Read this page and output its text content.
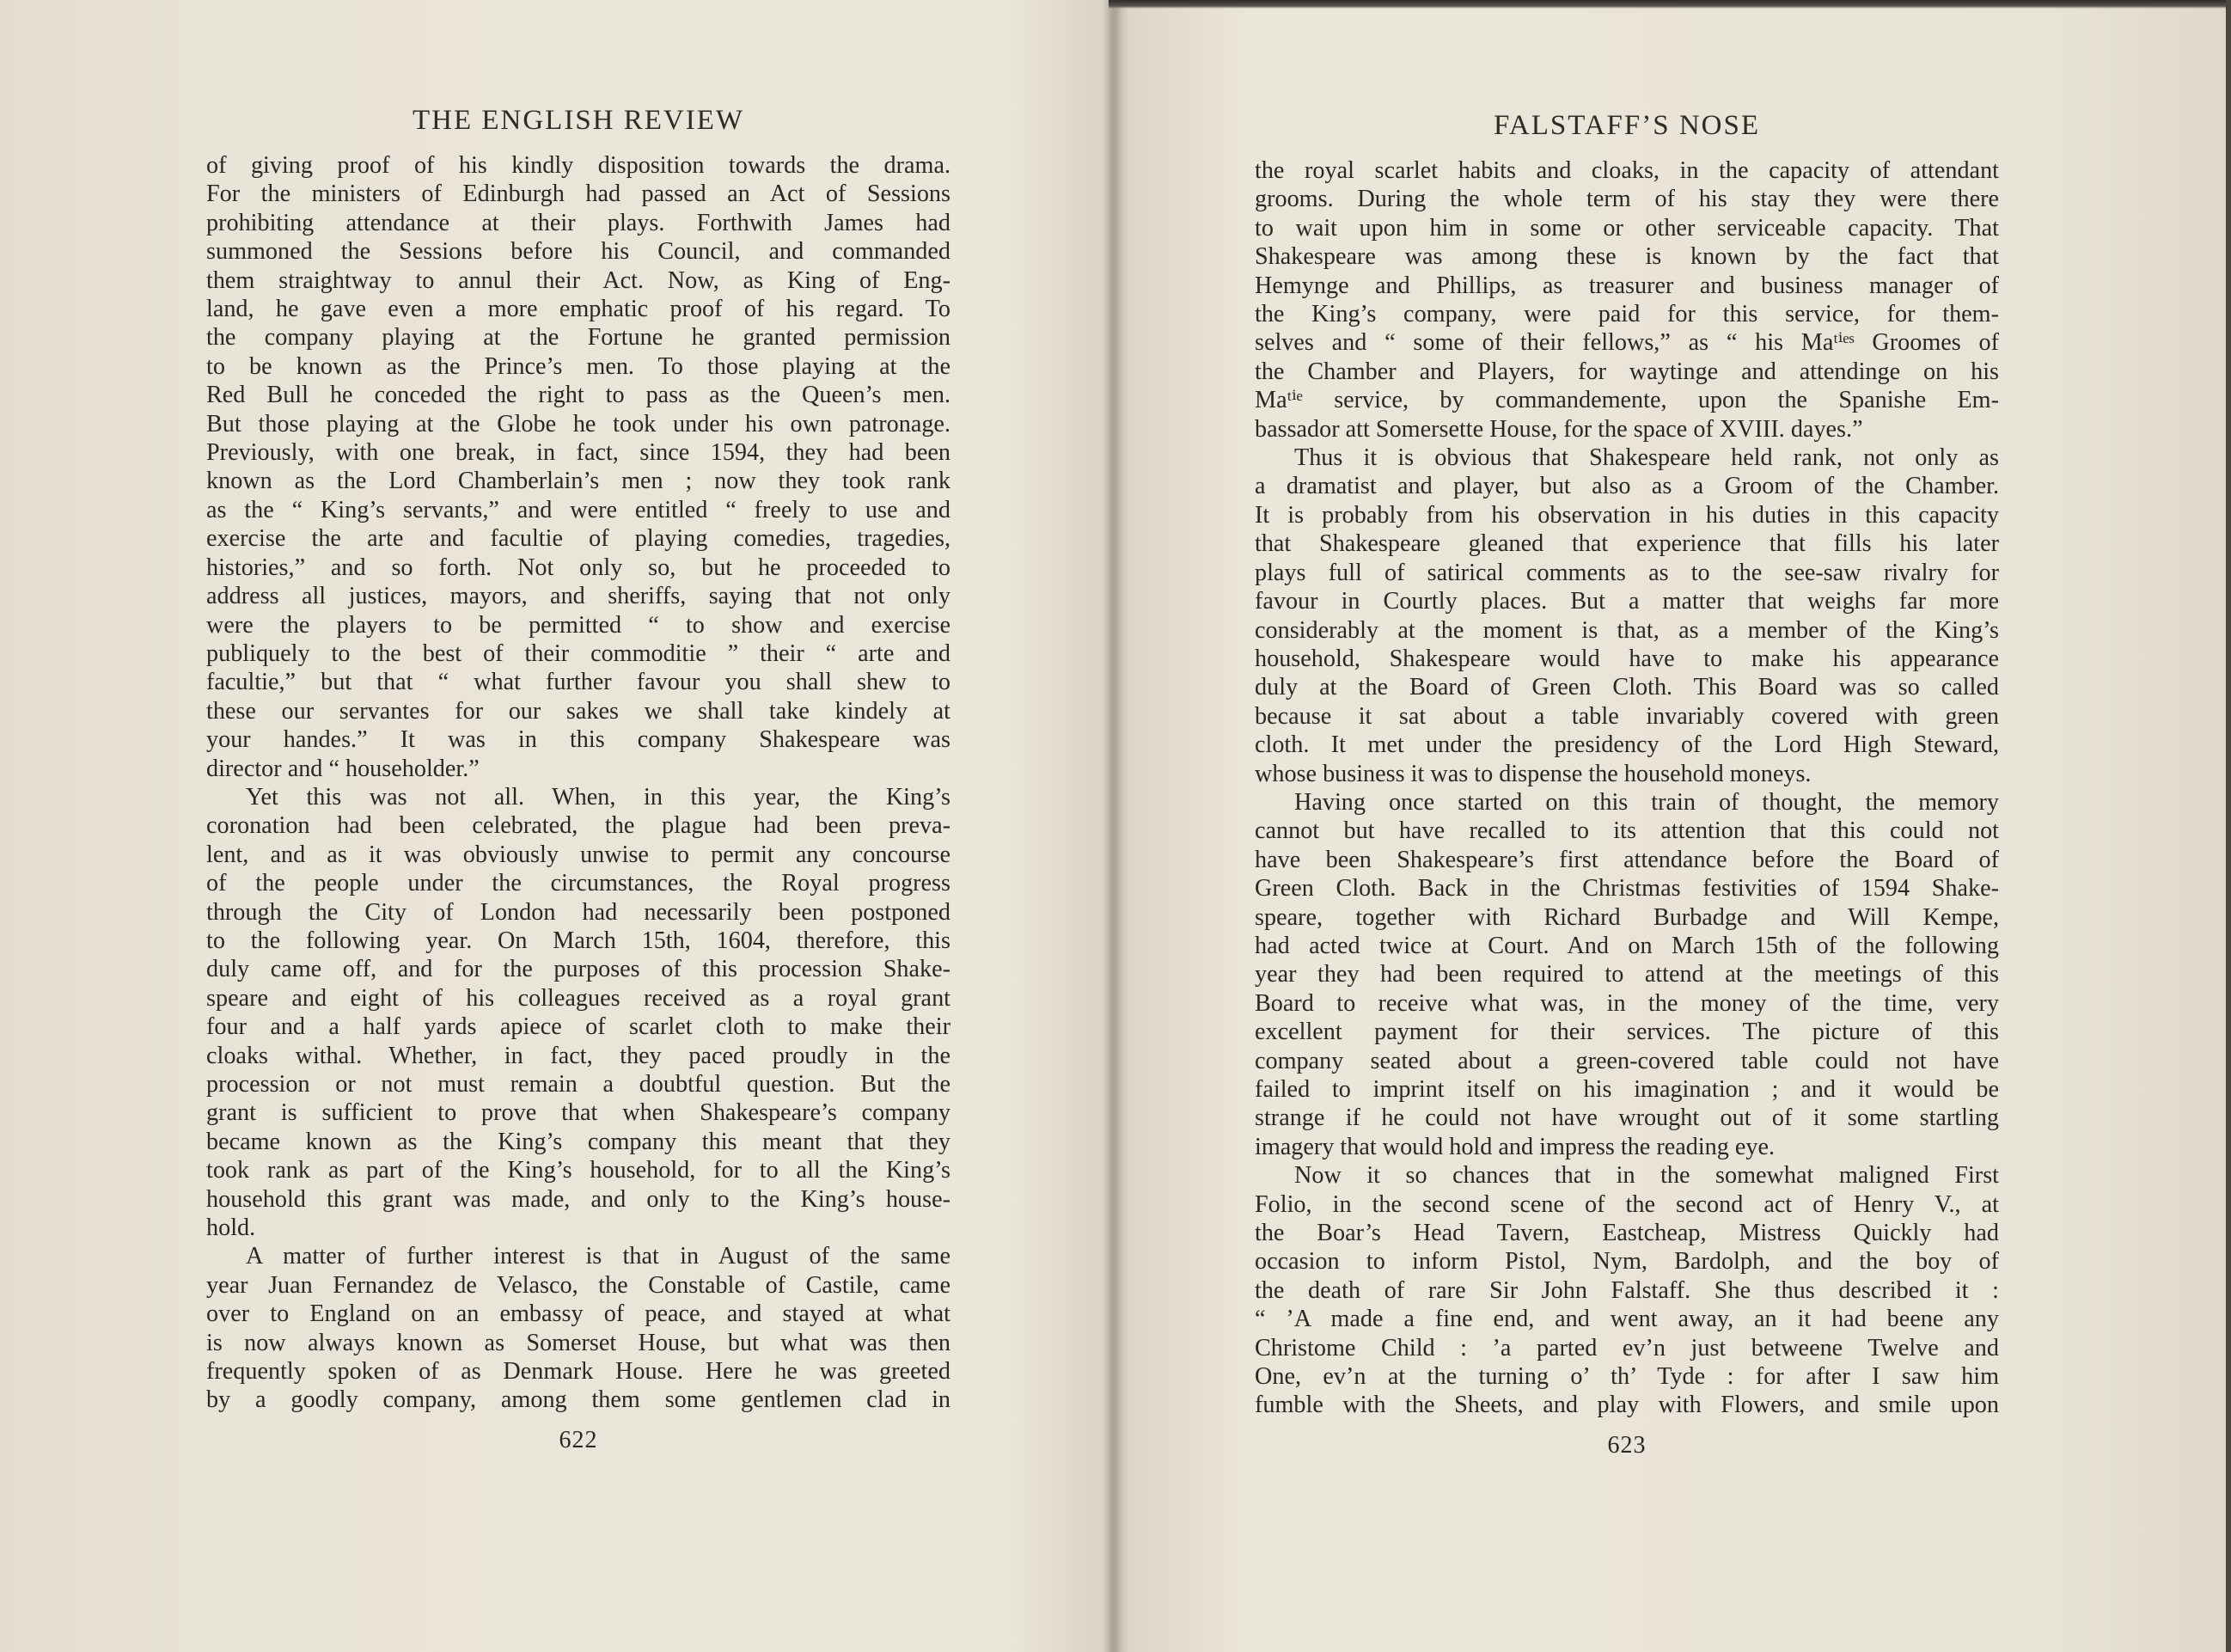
THE ENGLISH REVIEW
of giving proof of his kindly disposition towards the drama.
For the ministers of Edinburgh had passed an Act of Sessions
prohibiting attendance at their plays. Forthwith James had
summoned the Sessions before his Council, and commanded
them straightway to annul their Act. Now, as King of Eng-
land, he gave even a more emphatic proof of his regard. To
the company playing at the Fortune he granted permission
to be known as the Prince’s men. To those playing at the
Red Bull he conceded the right to pass as the Queen’s men.
But those playing at the Globe he took under his own patronage.
Previously, with one break, in fact, since 1594, they had been
known as the Lord Chamberlain’s men ; now they took rank
as the “ King’s servants,” and were entitled “ freely to use and
exercise the arte and facultie of playing comedies, tragedies,
histories,” and so forth. Not only so, but he proceeded to
address all justices, mayors, and sheriffs, saying that not only
were the players to be permitted “ to show and exercise
publiquely to the best of their commoditie ” their “ arte and
facultie,” but that “ what further favour you shall shew to
these our servantes for our sakes we shall take kindely at
your handes.” It was in this company Shakespeare was
director and “ householder.”
Yet this was not all. When, in this year, the King’s
coronation had been celebrated, the plague had been preva-
lent, and as it was obviously unwise to permit any concourse
of the people under the circumstances, the Royal progress
through the City of London had necessarily been postponed
to the following year. On March 15th, 1604, therefore, this
duly came off, and for the purposes of this procession Shake-
speare and eight of his colleagues received as a royal grant
four and a half yards apiece of scarlet cloth to make their
cloaks withal. Whether, in fact, they paced proudly in the
procession or not must remain a doubtful question. But the
grant is sufficient to prove that when Shakespeare’s company
became known as the King’s company this meant that they
took rank as part of the King’s household, for to all the King’s
household this grant was made, and only to the King’s house-
hold.
A matter of further interest is that in August of the same
year Juan Fernandez de Velasco, the Constable of Castile, came
over to England on an embassy of peace, and stayed at what
is now always known as Somerset House, but what was then
frequently spoken of as Denmark House. Here he was greeted
by a goodly company, among them some gentlemen clad in
622
FALSTAFF’S NOSE
the royal scarlet habits and cloaks, in the capacity of attendant
grooms. During the whole term of his stay they were there
to wait upon him in some or other serviceable capacity. That
Shakespeare was among these is known by the fact that
Hemynge and Phillips, as treasurer and business manager of
the King’s company, were paid for this service, for them-
selves and “ some of their fellows,” as “ his Maᵗⁱᵉˢ Groomes of
the Chamber and Players, for waytinge and attendinge on his
Maᵗⁱᵉ service, by commandemente, upon the Spanishe Em-
bassador att Somersette House, for the space of XVIII. dayes.”
Thus it is obvious that Shakespeare held rank, not only as
a dramatist and player, but also as a Groom of the Chamber.
It is probably from his observation in his duties in this capacity
that Shakespeare gleaned that experience that fills his later
plays full of satirical comments as to the see-saw rivalry for
favour in Courtly places. But a matter that weighs far more
considerably at the moment is that, as a member of the King’s
household, Shakespeare would have to make his appearance
duly at the Board of Green Cloth. This Board was so called
because it sat about a table invariably covered with green
cloth. It met under the presidency of the Lord High Steward,
whose business it was to dispense the household moneys.
Having once started on this train of thought, the memory
cannot but have recalled to its attention that this could not
have been Shakespeare’s first attendance before the Board of
Green Cloth. Back in the Christmas festivities of 1594 Shake-
speare, together with Richard Burbadge and Will Kempe,
had acted twice at Court. And on March 15th of the following
year they had been required to attend at the meetings of this
Board to receive what was, in the money of the time, very
excellent payment for their services. The picture of this
company seated about a green-covered table could not have
failed to imprint itself on his imagination ; and it would be
strange if he could not have wrought out of it some startling
imagery that would hold and impress the reading eye.
Now it so chances that in the somewhat maligned First
Folio, in the second scene of the second act of Henry V., at
the Boar’s Head Tavern, Eastcheap, Mistress Quickly had
occasion to inform Pistol, Nym, Bardolph, and the boy of
the death of rare Sir John Falstaff. She thus described it :
“ ’A made a fine end, and went away, an it had beene any
Christome Child : ’a parted ev’n just betweene Twelve and
One, ev’n at the turning o’ th’ Tyde : for after I saw him
fumble with the Sheets, and play with Flowers, and smile upon
623
